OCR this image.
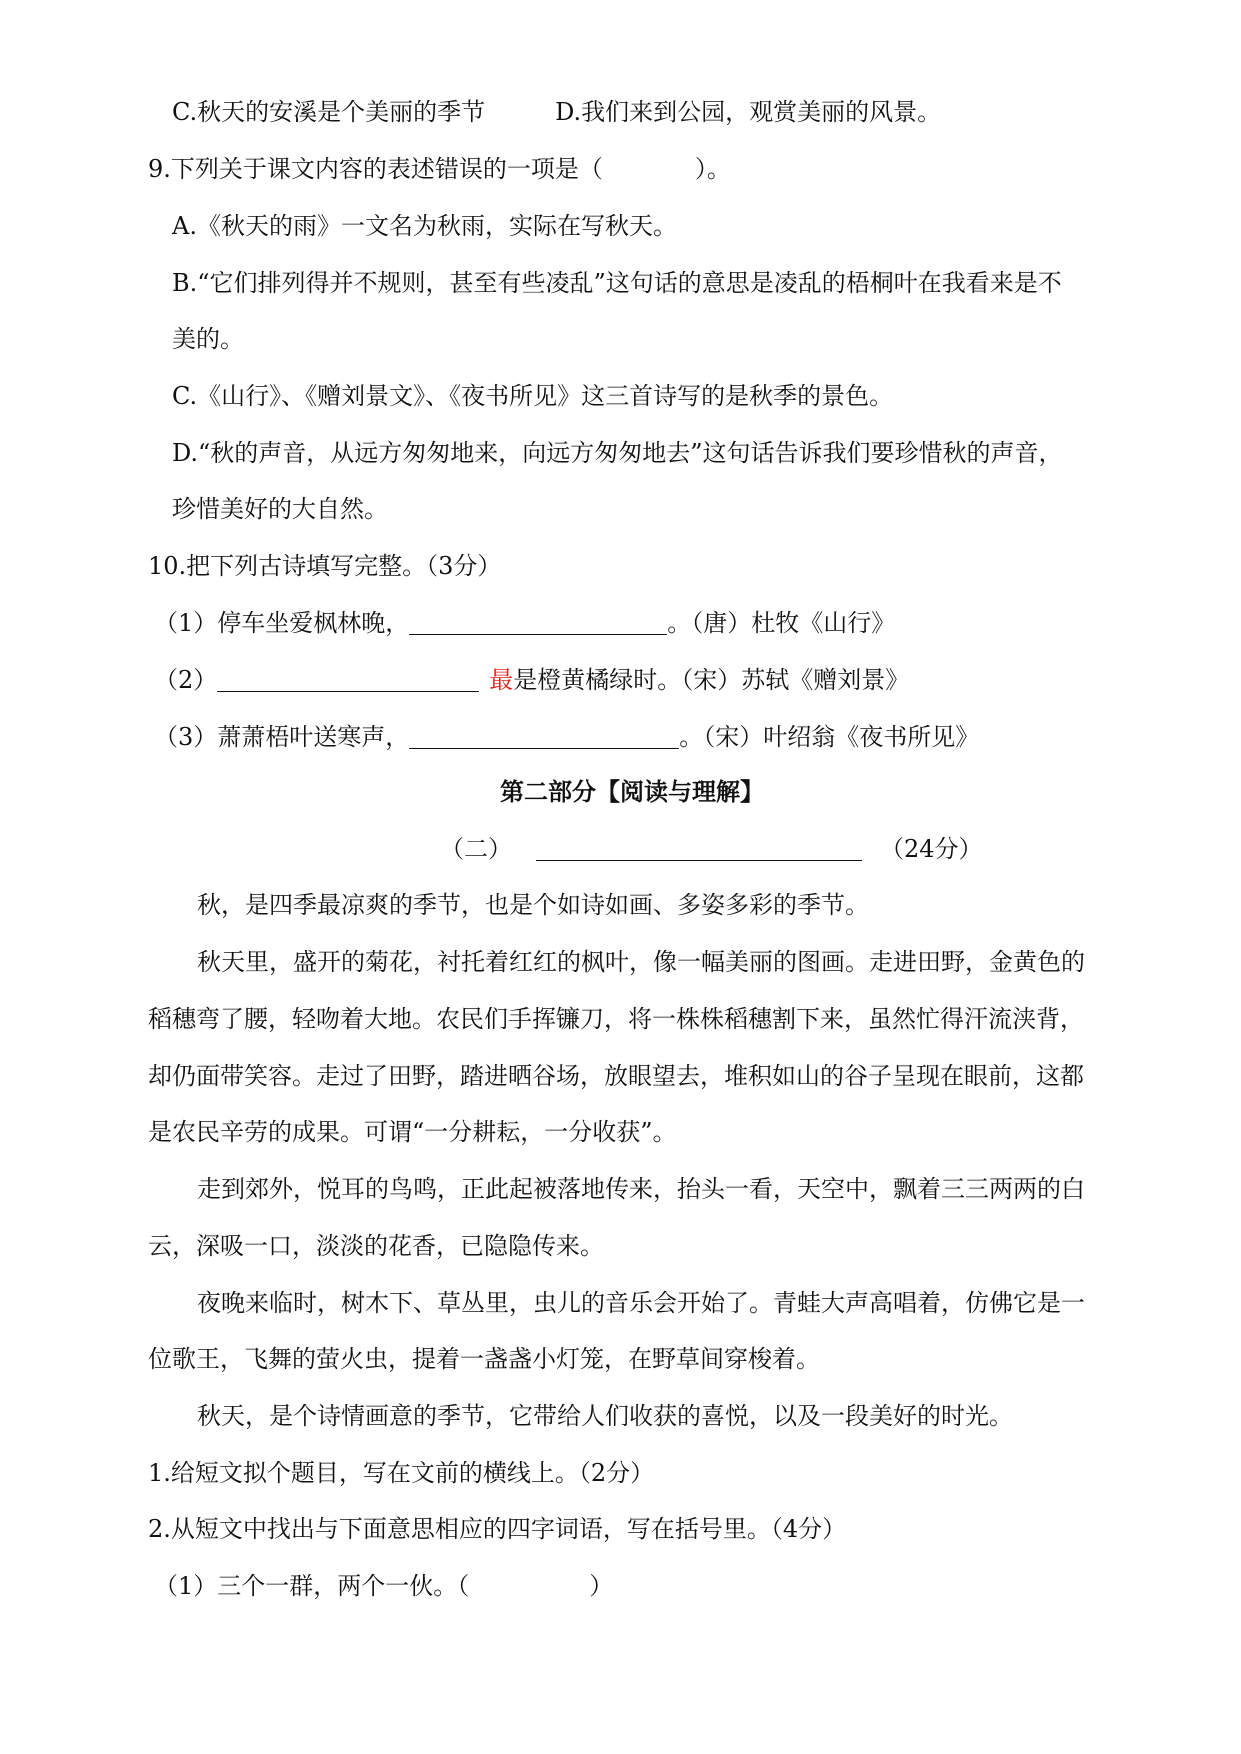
C.秋天的安溪是个美丽的季节	D.我们来到公园，观赏美丽的风景。
9.下列关于课文内容的表述错误的一项是（	）。
A.《秋天的雨》一文名为秋雨，实际在写秋天。
B.“它们排列得并不规则，甚至有些凌乱”这句话的意思是凌乱的梧桐叶在我看来是不
美的。
C.《山行》、《赠刘景文》、《夜书所见》这三首诗写的是秋季的景色。
D.“秋的声音，从远方匆匆地来，向远方匆匆地去”这句话告诉我们要珍惜秋的声音，
珍惜美好的大自然。
10.把下列古诗填写完整。（3分）
（1）停车坐爱枫林晚，	。（唐）杜牧《山行》
（2）	最是橙黄橘绿时。（宋）苏轼《赠刘景》
（3）萧萧梧叶送寒声，	。（宋）叶绍翁《夜书所见》
第二部分【阅读与理解】
（二）	（24分）
秋，是四季最凉爽的季节，也是个如诗如画、多姿多彩的季节。
秋天里，盛开的菊花，衬托着红红的枫叶，像一幅美丽的图画。走进田野，金黄色的
稻穗弯了腰，轻吻着大地。农民们手挥镰刀，将一株株稻穗割下来，虽然忙得汗流浃背，
却仍面带笑容。走过了田野，踏进晒谷场，放眼望去，堆积如山的谷子呈现在眼前，这都
是农民辛劳的成果。可谓“一分耕耘，一分收获”。
走到郊外，悦耳的鸟鸣，正此起被落地传来，抬头一看，天空中，飘着三三两两的白
云，深吸一口，淡淡的花香，已隐隐传来。
夜晚来临时，树木下、草丛里，虫儿的音乐会开始了。青蛙大声高唱着，仿佛它是一
位歌王，飞舞的萤火虫，提着一盏盏小灯笼，在野草间穿梭着。
秋天，是个诗情画意的季节，它带给人们收获的喜悦，以及一段美好的时光。
1.给短文拟个题目，写在文前的横线上。（2分）
2.从短文中找出与下面意思相应的四字词语，写在括号里。（4分）
（1）三个一群，两个一伙。（	）
